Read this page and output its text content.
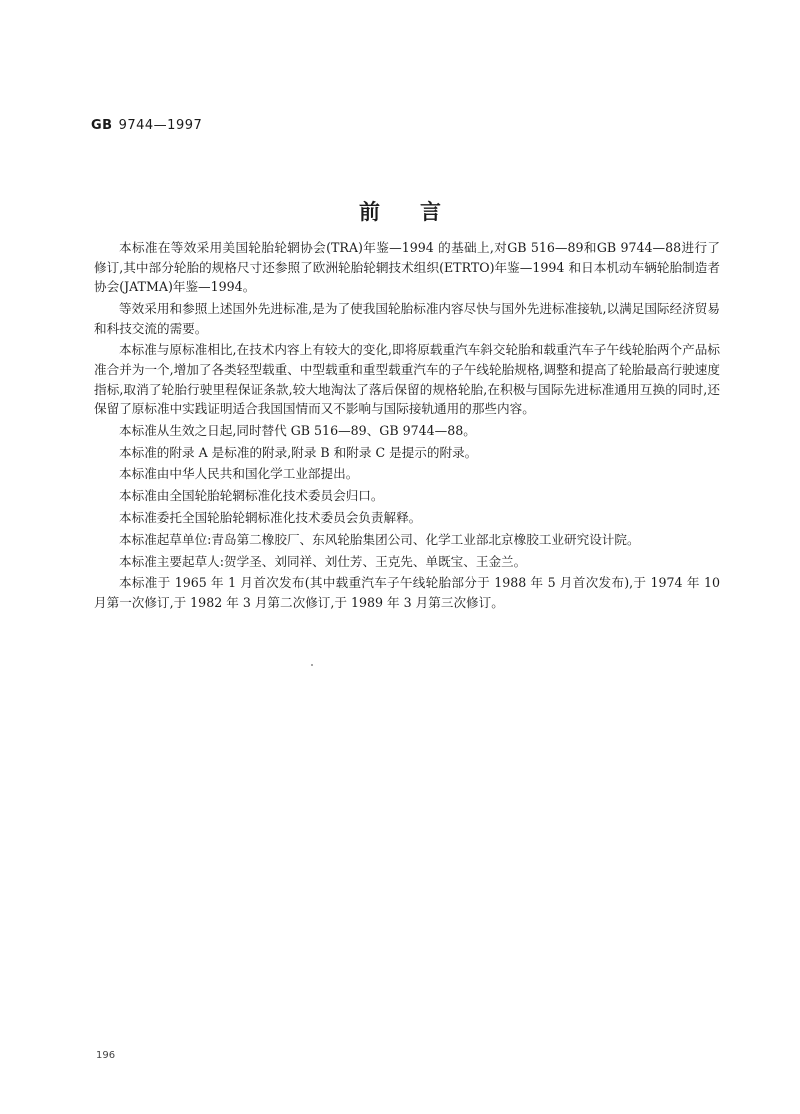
GB 9744—1997
前言

本标准在等效采用美国轮胎轮辋协会(TRA)年鉴—1994 的基础上,对GB 516—89和GB 9744—88进行了修订,其中部分轮胎的规格尺寸还参照了欧洲轮胎轮辋技术组织(ETRTO)年鉴—1994 和日本机动车辆轮胎制造者协会(JATMA)年鉴—1994。

等效采用和参照上述国外先进标准,是为了使我国轮胎标准内容尽快与国外先进标准接轨,以满足国际经济贸易和科技交流的需要。

本标准与原标准相比,在技术内容上有较大的变化,即将原载重汽车斜交轮胎和载重汽车子午线轮胎两个产品标准合并为一个,增加了各类轻型载重、中型载重和重型载重汽车的子午线轮胎规格,调整和提高了轮胎最高行驶速度指标,取消了轮胎行驶里程保证条款,较大地淘汰了落后保留的规格轮胎,在积极与国际先进标准通用互换的同时,还保留了原标准中实践证明适合我国国情而又不影响与国际接轨通用的那些内容。

本标准从生效之日起,同时替代 GB 516—89、GB 9744—88。

本标准的附录 A 是标准的附录,附录 B 和附录 C 是提示的附录。

本标准由中华人民共和国化学工业部提出。

本标准由全国轮胎轮辋标准化技术委员会归口。

本标准委托全国轮胎轮辋标准化技术委员会负责解释。

本标准起草单位:青岛第二橡胶厂、东风轮胎集团公司、化学工业部北京橡胶工业研究设计院。

本标准主要起草人:贺学圣、刘同祥、刘仕芳、王克先、单既宝、王金兰。

本标准于 1965 年 1 月首次发布(其中载重汽车子午线轮胎部分于 1988 年 5 月首次发布),于 1974 年 10 月第一次修订,于 1982 年 3 月第二次修订,于 1989 年 3 月第三次修订。

196
